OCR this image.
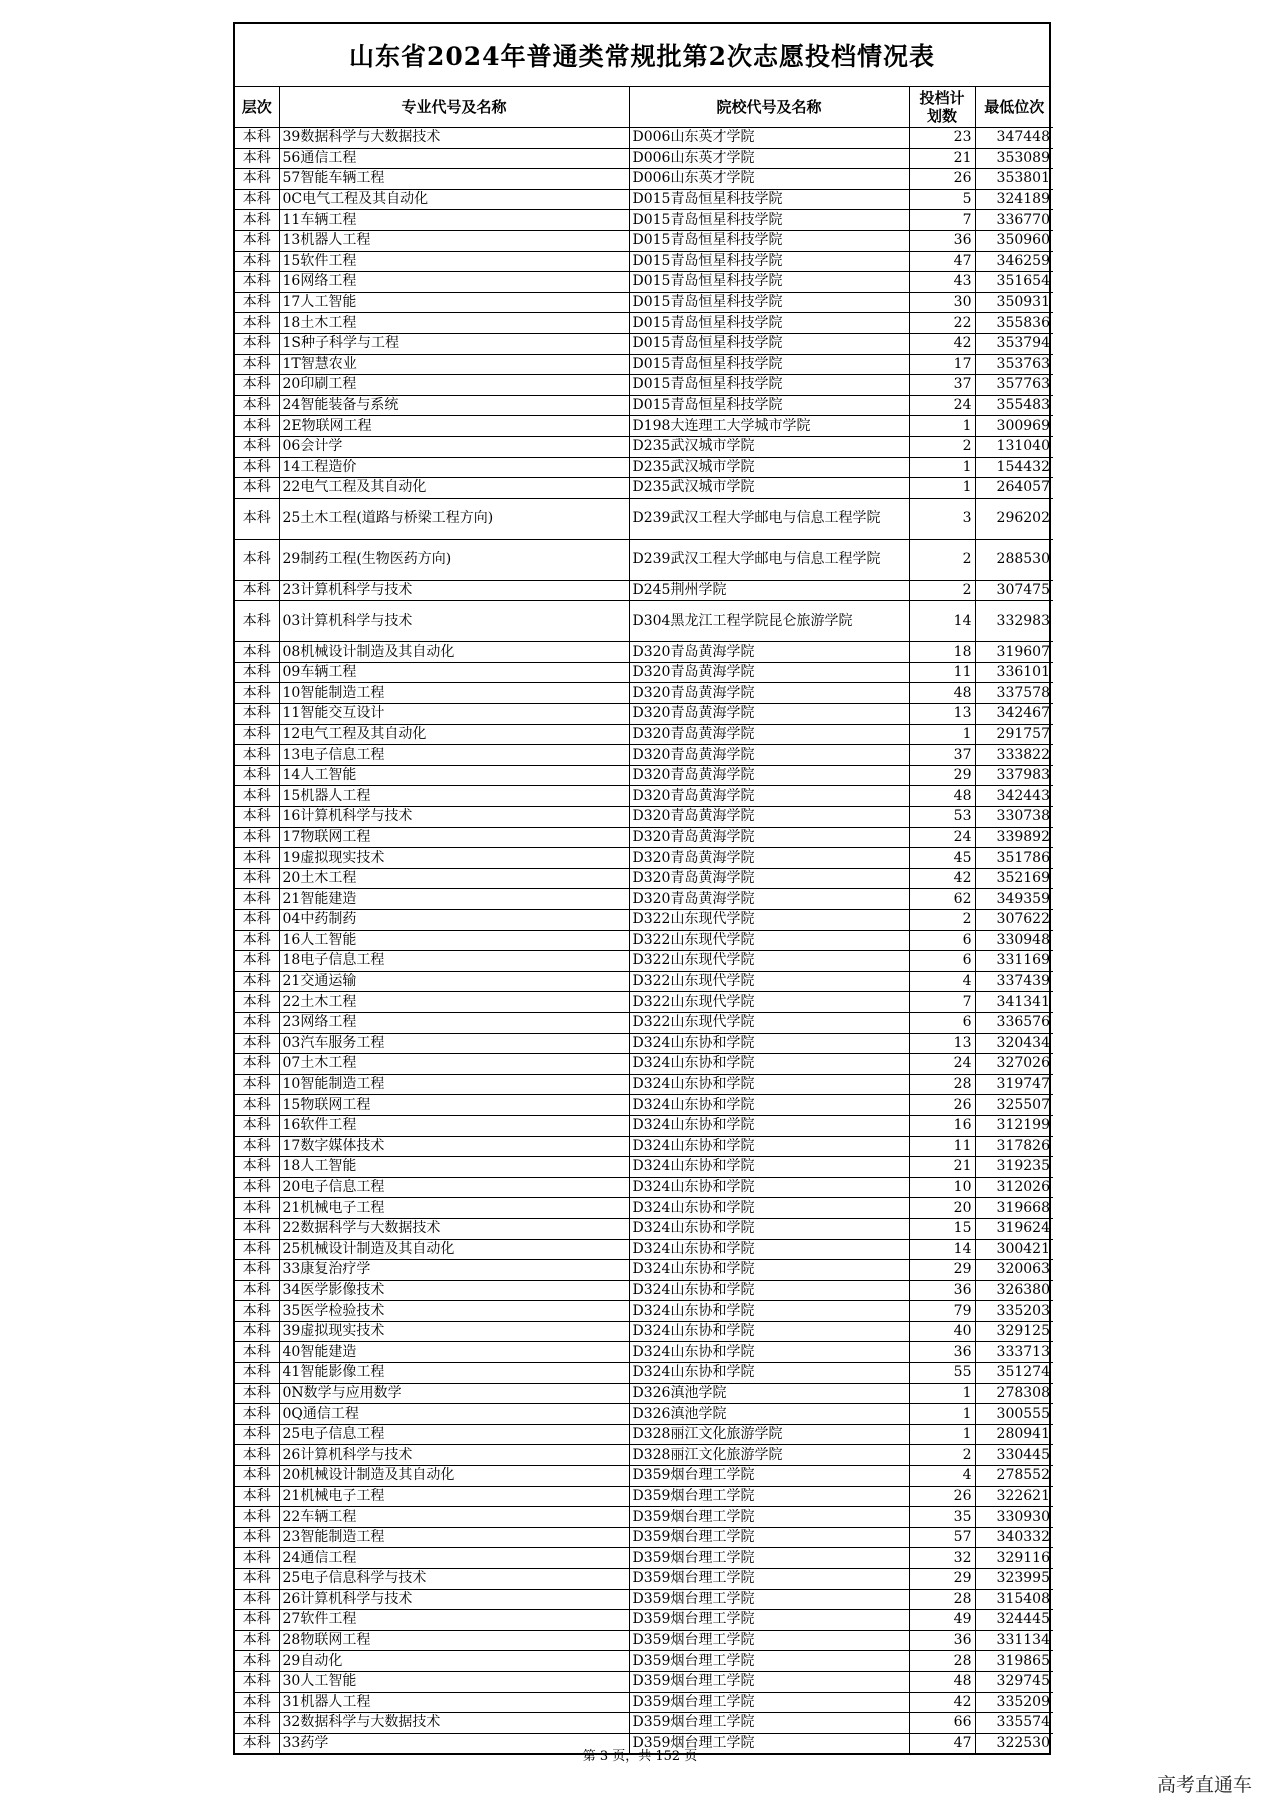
山东省2024年普通类常规批第2次志愿投档情况表
层次	专业代号及名称	院校代号及名称	投档计划数	最低位次
本科	39数据科学与大数据技术	D006山东英才学院	23	347448
本科	56通信工程	D006山东英才学院	21	353089
本科	57智能车辆工程	D006山东英才学院	26	353801
本科	0C电气工程及其自动化	D015青岛恒星科技学院	5	324189
本科	11车辆工程	D015青岛恒星科技学院	7	336770
本科	13机器人工程	D015青岛恒星科技学院	36	350960
本科	15软件工程	D015青岛恒星科技学院	47	346259
本科	16网络工程	D015青岛恒星科技学院	43	351654
本科	17人工智能	D015青岛恒星科技学院	30	350931
本科	18土木工程	D015青岛恒星科技学院	22	355836
本科	1S种子科学与工程	D015青岛恒星科技学院	42	353794
本科	1T智慧农业	D015青岛恒星科技学院	17	353763
本科	20印刷工程	D015青岛恒星科技学院	37	357763
本科	24智能装备与系统	D015青岛恒星科技学院	24	355483
本科	2E物联网工程	D198大连理工大学城市学院	1	300969
本科	06会计学	D235武汉城市学院	2	131040
本科	14工程造价	D235武汉城市学院	1	154432
本科	22电气工程及其自动化	D235武汉城市学院	1	264057
本科	25土木工程(道路与桥梁工程方向)	D239武汉工程大学邮电与信息工程学院	3	296202
本科	29制药工程(生物医药方向)	D239武汉工程大学邮电与信息工程学院	2	288530
本科	23计算机科学与技术	D245荆州学院	2	307475
本科	03计算机科学与技术	D304黑龙江工程学院昆仑旅游学院	14	332983
本科	08机械设计制造及其自动化	D320青岛黄海学院	18	319607
本科	09车辆工程	D320青岛黄海学院	11	336101
本科	10智能制造工程	D320青岛黄海学院	48	337578
本科	11智能交互设计	D320青岛黄海学院	13	342467
本科	12电气工程及其自动化	D320青岛黄海学院	1	291757
本科	13电子信息工程	D320青岛黄海学院	37	333822
本科	14人工智能	D320青岛黄海学院	29	337983
本科	15机器人工程	D320青岛黄海学院	48	342443
本科	16计算机科学与技术	D320青岛黄海学院	53	330738
本科	17物联网工程	D320青岛黄海学院	24	339892
本科	19虚拟现实技术	D320青岛黄海学院	45	351786
本科	20土木工程	D320青岛黄海学院	42	352169
本科	21智能建造	D320青岛黄海学院	62	349359
本科	04中药制药	D322山东现代学院	2	307622
本科	16人工智能	D322山东现代学院	6	330948
本科	18电子信息工程	D322山东现代学院	6	331169
本科	21交通运输	D322山东现代学院	4	337439
本科	22土木工程	D322山东现代学院	7	341341
本科	23网络工程	D322山东现代学院	6	336576
本科	03汽车服务工程	D324山东协和学院	13	320434
本科	07土木工程	D324山东协和学院	24	327026
本科	10智能制造工程	D324山东协和学院	28	319747
本科	15物联网工程	D324山东协和学院	26	325507
本科	16软件工程	D324山东协和学院	16	312199
本科	17数字媒体技术	D324山东协和学院	11	317826
本科	18人工智能	D324山东协和学院	21	319235
本科	20电子信息工程	D324山东协和学院	10	312026
本科	21机械电子工程	D324山东协和学院	20	319668
本科	22数据科学与大数据技术	D324山东协和学院	15	319624
本科	25机械设计制造及其自动化	D324山东协和学院	14	300421
本科	33康复治疗学	D324山东协和学院	29	320063
本科	34医学影像技术	D324山东协和学院	36	326380
本科	35医学检验技术	D324山东协和学院	79	335203
本科	39虚拟现实技术	D324山东协和学院	40	329125
本科	40智能建造	D324山东协和学院	36	333713
本科	41智能影像工程	D324山东协和学院	55	351274
本科	0N数学与应用数学	D326滇池学院	1	278308
本科	0Q通信工程	D326滇池学院	1	300555
本科	25电子信息工程	D328丽江文化旅游学院	1	280941
本科	26计算机科学与技术	D328丽江文化旅游学院	2	330445
本科	20机械设计制造及其自动化	D359烟台理工学院	4	278552
本科	21机械电子工程	D359烟台理工学院	26	322621
本科	22车辆工程	D359烟台理工学院	35	330930
本科	23智能制造工程	D359烟台理工学院	57	340332
本科	24通信工程	D359烟台理工学院	32	329116
本科	25电子信息科学与技术	D359烟台理工学院	29	323995
本科	26计算机科学与技术	D359烟台理工学院	28	315408
本科	27软件工程	D359烟台理工学院	49	324445
本科	28物联网工程	D359烟台理工学院	36	331134
本科	29自动化	D359烟台理工学院	28	319865
本科	30人工智能	D359烟台理工学院	48	329745
本科	31机器人工程	D359烟台理工学院	42	335209
本科	32数据科学与大数据技术	D359烟台理工学院	66	335574
本科	33药学	D359烟台理工学院	47	322530
第 3 页，共 152 页
高考直通车
